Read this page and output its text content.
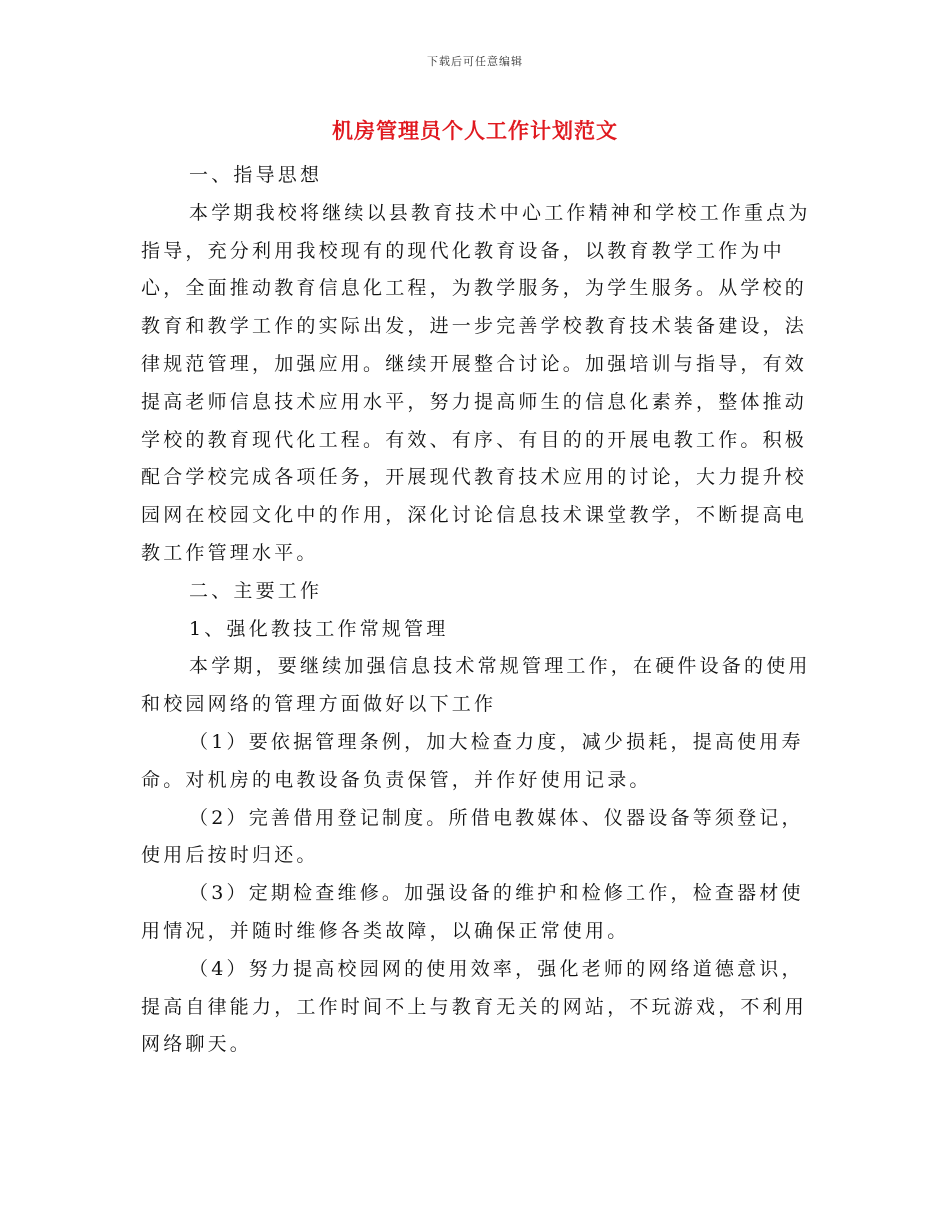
下载后可任意编辑
机房管理员个人工作计划范文

一、指导思想

本学期我校将继续以县教育技术中心工作精神和学校工作重点为指导，充分利用我校现有的现代化教育设备，以教育教学工作为中心，全面推动教育信息化工程，为教学服务，为学生服务。从学校的教育和教学工作的实际出发，进一步完善学校教育技术装备建设，法律规范管理，加强应用。继续开展整合讨论。加强培训与指导，有效提高老师信息技术应用水平，努力提高师生的信息化素养，整体推动学校的教育现代化工程。有效、有序、有目的的开展电教工作。积极配合学校完成各项任务，开展现代教育技术应用的讨论，大力提升校园网在校园文化中的作用，深化讨论信息技术课堂教学，不断提高电教工作管理水平。

二、主要工作

1、强化教技工作常规管理

本学期，要继续加强信息技术常规管理工作，在硬件设备的使用和校园网络的管理方面做好以下工作

（1）要依据管理条例，加大检查力度，减少损耗，提高使用寿命。对机房的电教设备负责保管，并作好使用记录。

（2）完善借用登记制度。所借电教媒体、仪器设备等须登记，使用后按时归还。

（3）定期检查维修。加强设备的维护和检修工作，检查器材使用情况，并随时维修各类故障，以确保正常使用。

（4）努力提高校园网的使用效率，强化老师的网络道德意识，提高自律能力，工作时间不上与教育无关的网站，不玩游戏，不利用网络聊天。
